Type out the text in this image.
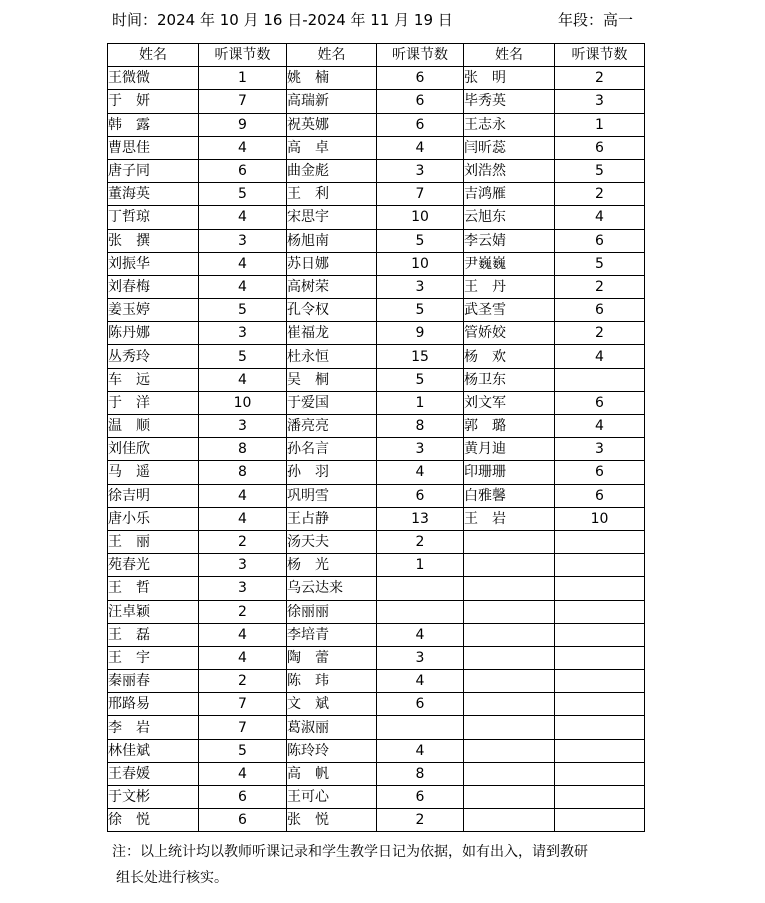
时间：2024 年 10 月 16 日-2024 年 11 月 19 日	年段：高一
姓名	听课节数	姓名	听课节数	姓名	听课节数
王微微	1	姚　楠	6	张　明	2
于　妍	7	高瑞新	6	毕秀英	3
韩　露	9	祝英娜	6	王志永	1
曹思佳	4	高　卓	4	闫昕蕊	6
唐子同	6	曲金彪	3	刘浩然	5
董海英	5	王　利	7	吉鸿雁	2
丁哲琼	4	宋思宇	10	云旭东	4
张　撰	3	杨旭南	5	李云婧	6
刘振华	4	苏日娜	10	尹巍巍	5
刘春梅	4	高树荣	3	王　丹	2
姜玉婷	5	孔令权	5	武圣雪	6
陈丹娜	3	崔福龙	9	管娇姣	2
丛秀玲	5	杜永恒	15	杨　欢	4
车　远	4	吴　桐	5	杨卫东	
于　洋	10	于爱国	1	刘文军	6
温　顺	3	潘亮亮	8	郭　璐	4
刘佳欣	8	孙名言	3	黄月迪	3
马　遥	8	孙　羽	4	印珊珊	6
徐吉明	4	巩明雪	6	白雅馨	6
唐小乐	4	王占静	13	王　岩	10
王　丽	2	汤天夫	2		
苑春光	3	杨　光	1		
王　哲	3	乌云达来			
汪卓颖	2	徐丽丽			
王　磊	4	李培青	4		
王　宇	4	陶　蕾	3		
秦丽春	2	陈　玮	4		
邢路易	7	文　斌	6		
李　岩	7	葛淑丽			
林佳斌	5	陈玲玲	4		
王春媛	4	高　帆	8		
于文彬	6	王可心	6		
徐　悦	6	张　悦	2		
注：以上统计均以教师听课记录和学生教学日记为依据，如有出入，请到教研
组长处进行核实。
